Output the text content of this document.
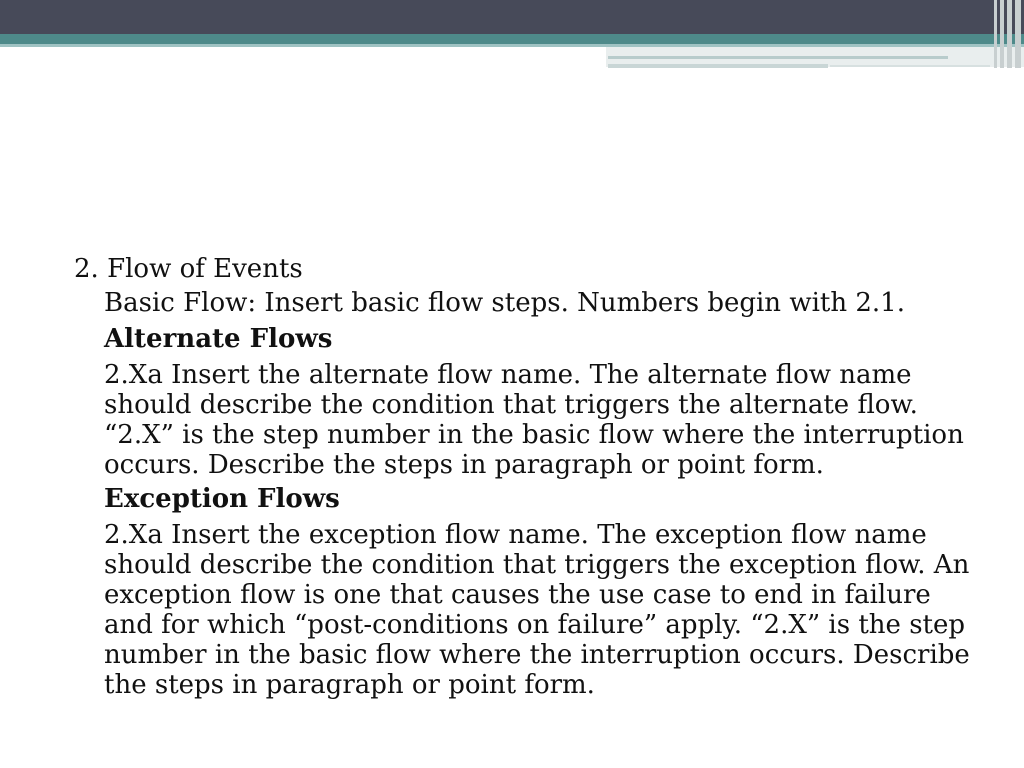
2. Flow of Events

Basic Flow: Insert basic flow steps. Numbers begin with 2.1.

Alternate Flows

2.Xa Insert the alternate flow name. The alternate flow name should describe the condition that triggers the alternate flow. “2.X” is the step number in the basic flow where the interruption occurs. Describe the steps in paragraph or point form.

Exception Flows

2.Xa Insert the exception flow name. The exception flow name should describe the condition that triggers the exception flow. An exception flow is one that causes the use case to end in failure and for which “post-conditions on failure” apply. “2.X” is the step number in the basic flow where the interruption occurs. Describe the steps in paragraph or point form.
